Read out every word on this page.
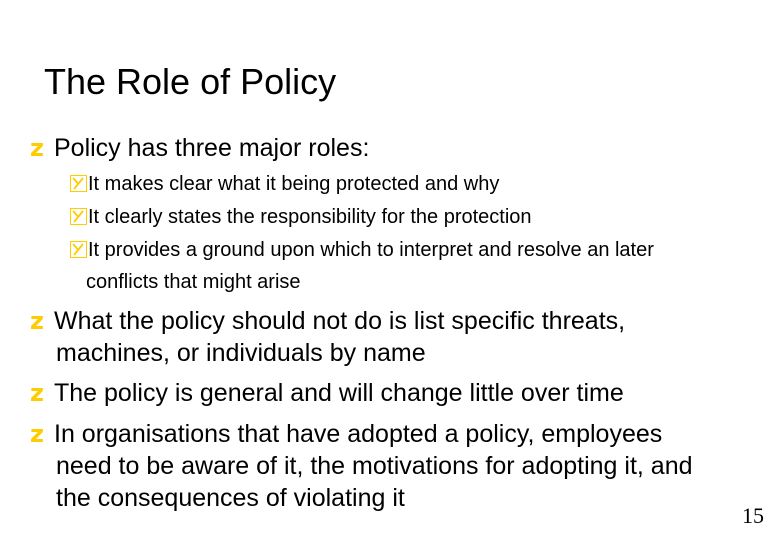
The Role of Policy
z Policy has three major roles:
It makes clear what it being protected and why
It clearly states the responsibility for the protection
It provides a ground upon which to interpret and resolve an later
conflicts that might arise
z What the policy should not do is list specific threats,
machines, or individuals by name
z The policy is general and will change little over time
z In organisations that have adopted a policy, employees
need to be aware of it, the motivations for adopting it, and
the consequences of violating it
15
